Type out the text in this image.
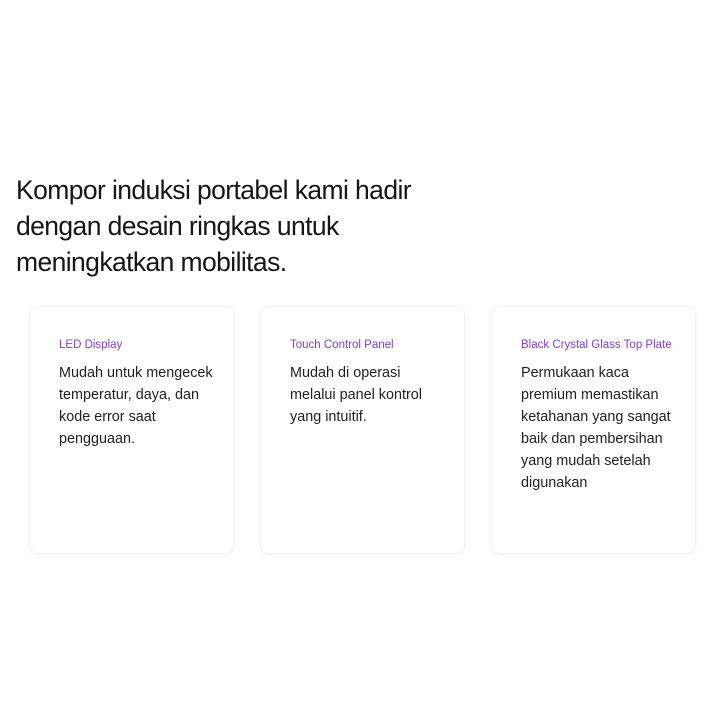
Kompor induksi portabel kami hadir dengan desain ringkas untuk meningkatkan mobilitas.
LED Display

Mudah untuk mengecek temperatur, daya, dan kode error saat pengguaan.

Touch Control Panel

Mudah di operasi melalui panel kontrol yang intuitif.

Black Crystal Glass Top Plate

Permukaan kaca premium memastikan ketahanan yang sangat baik dan pembersihan yang mudah setelah digunakan
